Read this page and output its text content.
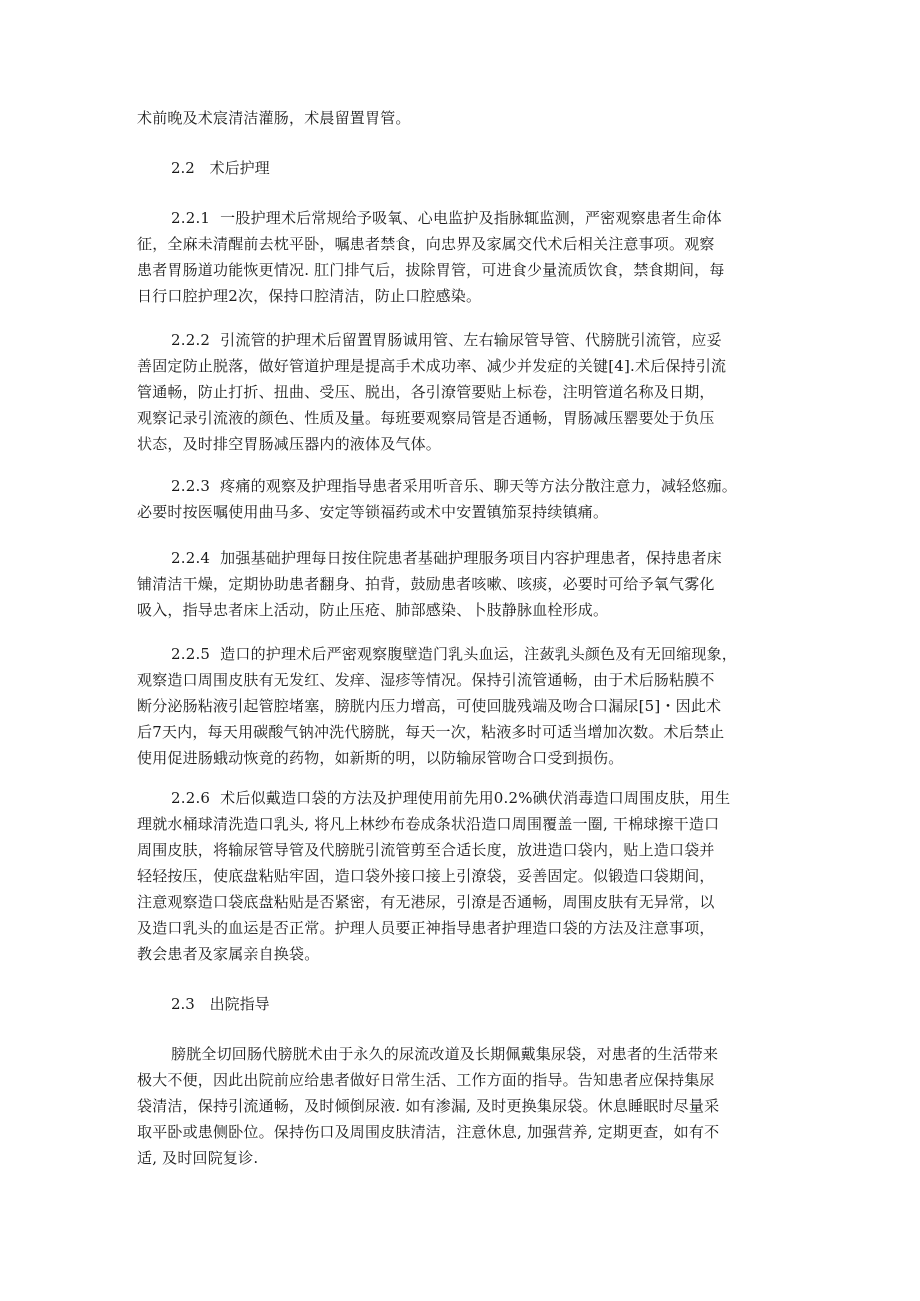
术前晚及术宸清洁灌肠，术晨留置胃管。
2.2 术后护理
2.2.1 一股护理术后常规给予吸氧、心电监护及指脉辄监测，严密观察患者生命体
征，全麻未清醒前去枕平卧，嘱患者禁食，向忠界及家属交代术后相关注意事项。观察
患者胃肠道功能恢更情况. 肛门排气后，拔除胃管，可进食少量流质饮食，禁食期间，每
日行口腔护理2次，保持口腔清洁，防止口腔感染。
2.2.2 引流管的护理术后留置胃肠诚用管、左右输尿管导管、代膀胱引流管，应妥
善固定防止脱落，做好管道护理是提高手术成功率、减少并发症的关键[4].术后保持引流
管通畅，防止打折、扭曲、受压、脱出，各引潦管要贴上标卷，注明管道名称及日期，
观察记录引流液的颜色、性质及量。每班要观察局管是否通畅，胃肠减压罂要处于负压
状态，及时排空胃肠减压器内的液体及气体。
2.2.3 疼痛的观察及护理指导患者采用听音乐、聊天等方法分散注意力，减轻悠痂。
必要时按医嘱使用曲马多、安定等锁福药或术中安置镇笳泵持续镇痛。
2.2.4 加强基础护理每日按住院患者基础护理服务项目内容护理患者，保持患者床
铺清洁干燥，定期协助患者翻身、拍背，鼓励患者咳嗽、咳痰，必要时可给予氧气雾化
吸入，指导忠者床上活动，防止压疮、肺部感染、卜肢静脉血栓形成。
2.2.5 造口的护理术后严密观察腹壁造门乳头血运，注蔹乳头颜色及有无回缩现象，
观察造口周围皮肤有无发红、发痒、湿疹等情况。保持引流管通畅，由于术后肠粘膜不
断分泌肠粘液引起管腔堵塞，膀胱内压力增高，可使回胧残端及吻合口漏尿[5]・因此术
后7天内，每天用碳酸气钠冲洗代膀胱，每天一次，粘液多时可适当增加次数。术后禁止
使用促进肠蛾动恢竟的药物，如新斯的明，以防输尿管吻合口受到损伤。
2.2.6 术后似戴造口袋的方法及护理使用前先用0.2%碘伏消毒造口周围皮肤，用生
理就水桶球清洗造口乳头, 将凡上林纱布卷成条状沿造口周围覆盖一圈, 干棉球擦干造口
周围皮肤，将输尿管导管及代膀胱引流管剪至合适长度，放进造口袋内，贴上造口袋并
轻轻按压，使底盘粘贴牢固，造口袋外接口接上引潦袋，妥善固定。似锻造口袋期间，
注意观察造口袋底盘粘贴是否紧密，有无港尿，引潦是否通畅，周围皮肤有无异常，以
及造口乳头的血运是否正常。护理人员要正神指导患者护理造口袋的方法及注意事项，
教会患者及家属亲自换袋。
2.3 出院指导
膀胱全切回肠代膀胱术由于永久的尿流改道及长期佩戴集尿袋，对患者的生活带来
极大不便，因此出院前应给患者做好日常生活、工作方面的指导。告知患者应保持集尿
袋清洁，保持引流通畅，及时倾倒尿液. 如有渗漏, 及时更换集尿袋。休息睡眠时尽量采
取平卧或患侧卧位。保持伤口及周围皮肤清洁，注意休息, 加强营养, 定期更查，如有不
适, 及时回院复诊.
